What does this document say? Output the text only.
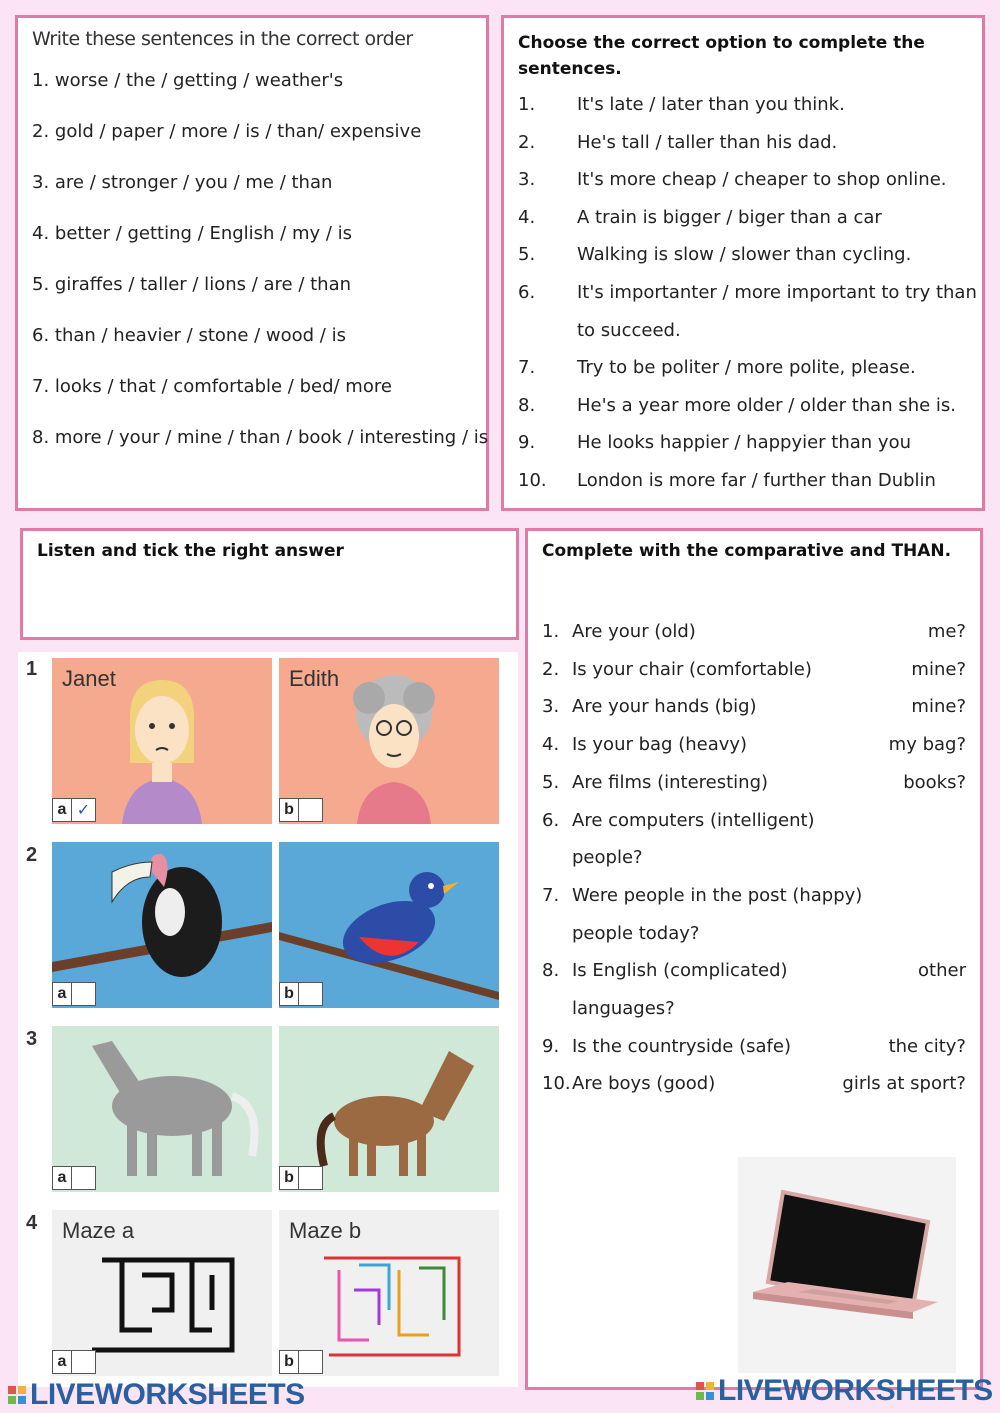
Write these sentences in the correct order
1. worse / the / getting / weather's
2. gold / paper / more / is / than/ expensive
3. are / stronger / you / me / than
4. better / getting / English / my / is
5. giraffes / taller / lions / are / than
6. than / heavier / stone / wood / is
7. looks / that / comfortable / bed/ more
8. more / your / mine / than / book / interesting / is
Choose the correct option to complete the
sentences.
1. It's late / later than you think.
2. He's tall / taller than his dad.
3. It's more cheap / cheaper to shop online.
4. A train is bigger / biger than a car
5. Walking is slow / slower than cycling.
6. It's importanter / more important to try than
to succeed.
7. Try to be politer / more polite, please.
8. He's a year more older / older than she is.
9. He looks happier / happyier than you
10. London is more far / further than Dublin
Listen and tick the right answer
1 Janet
a ✓
Edith
b
2
a	b
3
a	b
4 Maze a
a
Maze b
b
Complete with the comparative and THAN.
1. Are your (old)	me?
2. Is your chair (comfortable)	mine?
3. Are your hands (big)	mine?
4. Is your bag (heavy)	my bag?
5. Are films (interesting)	books?
6. Are computers (intelligent)
people?
7. Were people in the post (happy)
people today?
8. Is English (complicated)	other
languages?
9. Is the countryside (safe)	the city?
10. Are boys (good)	girls at sport?
LIVEWORKSHEETS	LIVEWORKSHEETS
